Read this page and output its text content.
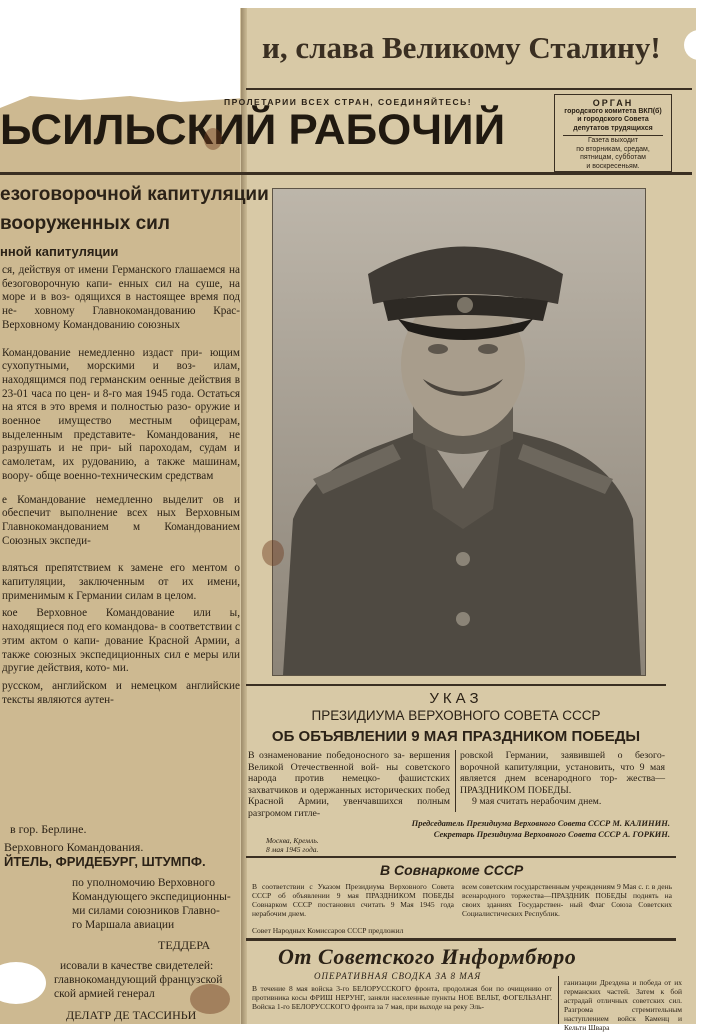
и, слава Великому Сталину!
ПРОЛЕТАРИИ ВСЕХ СТРАН, СОЕДИНЯЙТЕСЬ!
ЬСИЛЬСКИЙ РАБОЧИЙ
ОРГАН
городского комитета ВКП(б)
и городского Совета
депутатов трудящихся
Газета выходит
по вторникам, средам,
пятницам, субботам
и воскресеньям.
езоговорочной капитуляции
вооруженных сил
нной капитуляции

ся, действуя от имени Германского глашаемся на безоговорочную капи- енных сил на суше, на море и в воз- одящихся в настоящее время под не- ховному Главнокомандованию Крас- Верховному Командованию союзных

Командование немедленно издаст при- ющим сухопутными, морскими и воз- илам, находящимся под германским оенные действия в 23-01 часа по цен- и 8-го мая 1945 года. Остаться на ятся в это время и полностью разо- оружие и военное имущество местным офицерам, выделенным представите- Командования, не разрушать и не при- ый пароходам, судам и самолетам, их рудованию, а также машинам, воору- обще военно-техническим средствам

е Командование немедленно выделит ов и обеспечит выполнение всех ных Верховным Главнокомандованием м Командованием Союзных экспеди-

вляться препятствием к замене его ментом о капитуляции, заключенным от их имени, применимым к Германии силам в целом.

кое Верховное Командование или ы, находящиеся под его командова- в соответствии с этим актом о капи- дование Красной Армии, а также союзных экспедиционных сил е меры или другие действия, кото- ми.

русском, английском и немецком английские тексты являются аутен-

в гор. Берлине.
Верховного Командования.
ЙТЕЛЬ, ФРИДЕБУРГ, ШТУМПФ.
по уполномочию Верховного
Командующего экспедиционны-
ми силами союзников Главно-
го Маршала авиации
ТЕДДЕРА
исовали в качестве свидетелей:
главнокомандующий французской
ской армией генерал
ДЕЛАТР ДЕ ТАССИНЬИ
УКАЗ
ПРЕЗИДИУМА ВЕРХОВНОГО СОВЕТА СССР
ОБ ОБЪЯВЛЕНИИ 9 МАЯ ПРАЗДНИКОМ ПОБЕДЫ
В ознаменование победоносного за- вершения Великой Отечественной вой- ны советского народа против немецко- фашистских захватчиков и одержанных исторических побед Красной Армии, увенчавшихся полным разгромом гитле-
ровской Германии, заявившей о безого- ворочной капитуляции, установить, что 9 мая является днем всенародного тор- жества—ПРАЗДНИКОМ ПОБЕДЫ.
9 мая считать нерабочим днем.
Председатель Президиума Верховного Совета СССР М. КАЛИНИН.
Секретарь Президиума Верховного Совета СССР А. ГОРКИН.
Москва, Кремль.
8 мая 1945 года.
В Совнаркоме СССР
В соответствии с Указом Президиума Верховного Совета СССР об объявлении 9 мая ПРАЗДНИКОМ ПОБЕДЫ Совнарком СССР постановил считать 9 Мая 1945 года нерабочим днем.
Совет Народных Комиссаров СССР предложил
всем советским государственным учреждениям 9 Мая с. г. в день всенародного торжества—ПРАЗДНИК ПОБЕДЫ поднять на своих зданиях Государствен- ный Флаг Союза Советских Социалистических Республик.
От Советского Информбюро
ОПЕРАТИВНАЯ СВОДКА ЗА 8 МАЯ
В течение 8 мая войска 3-го БЕЛОРУССКОГО фронта, продолжая бои по очищению от противника косы ФРИШ НЕРУНГ, заняли населенные пункты НОЕ ВЕЛЬТ, ФОГЕЛЬЗАНГ. Войска 1-го БЕЛОРУССКОГО фронта за 7 мая, при выходе на реку Эль-
ганизации Дрездена и победа от их германских частей. Затем к бой астрадай отличных советских сил. Разгрома стремительным наступлением войск Каменц и Кельтн Швара
